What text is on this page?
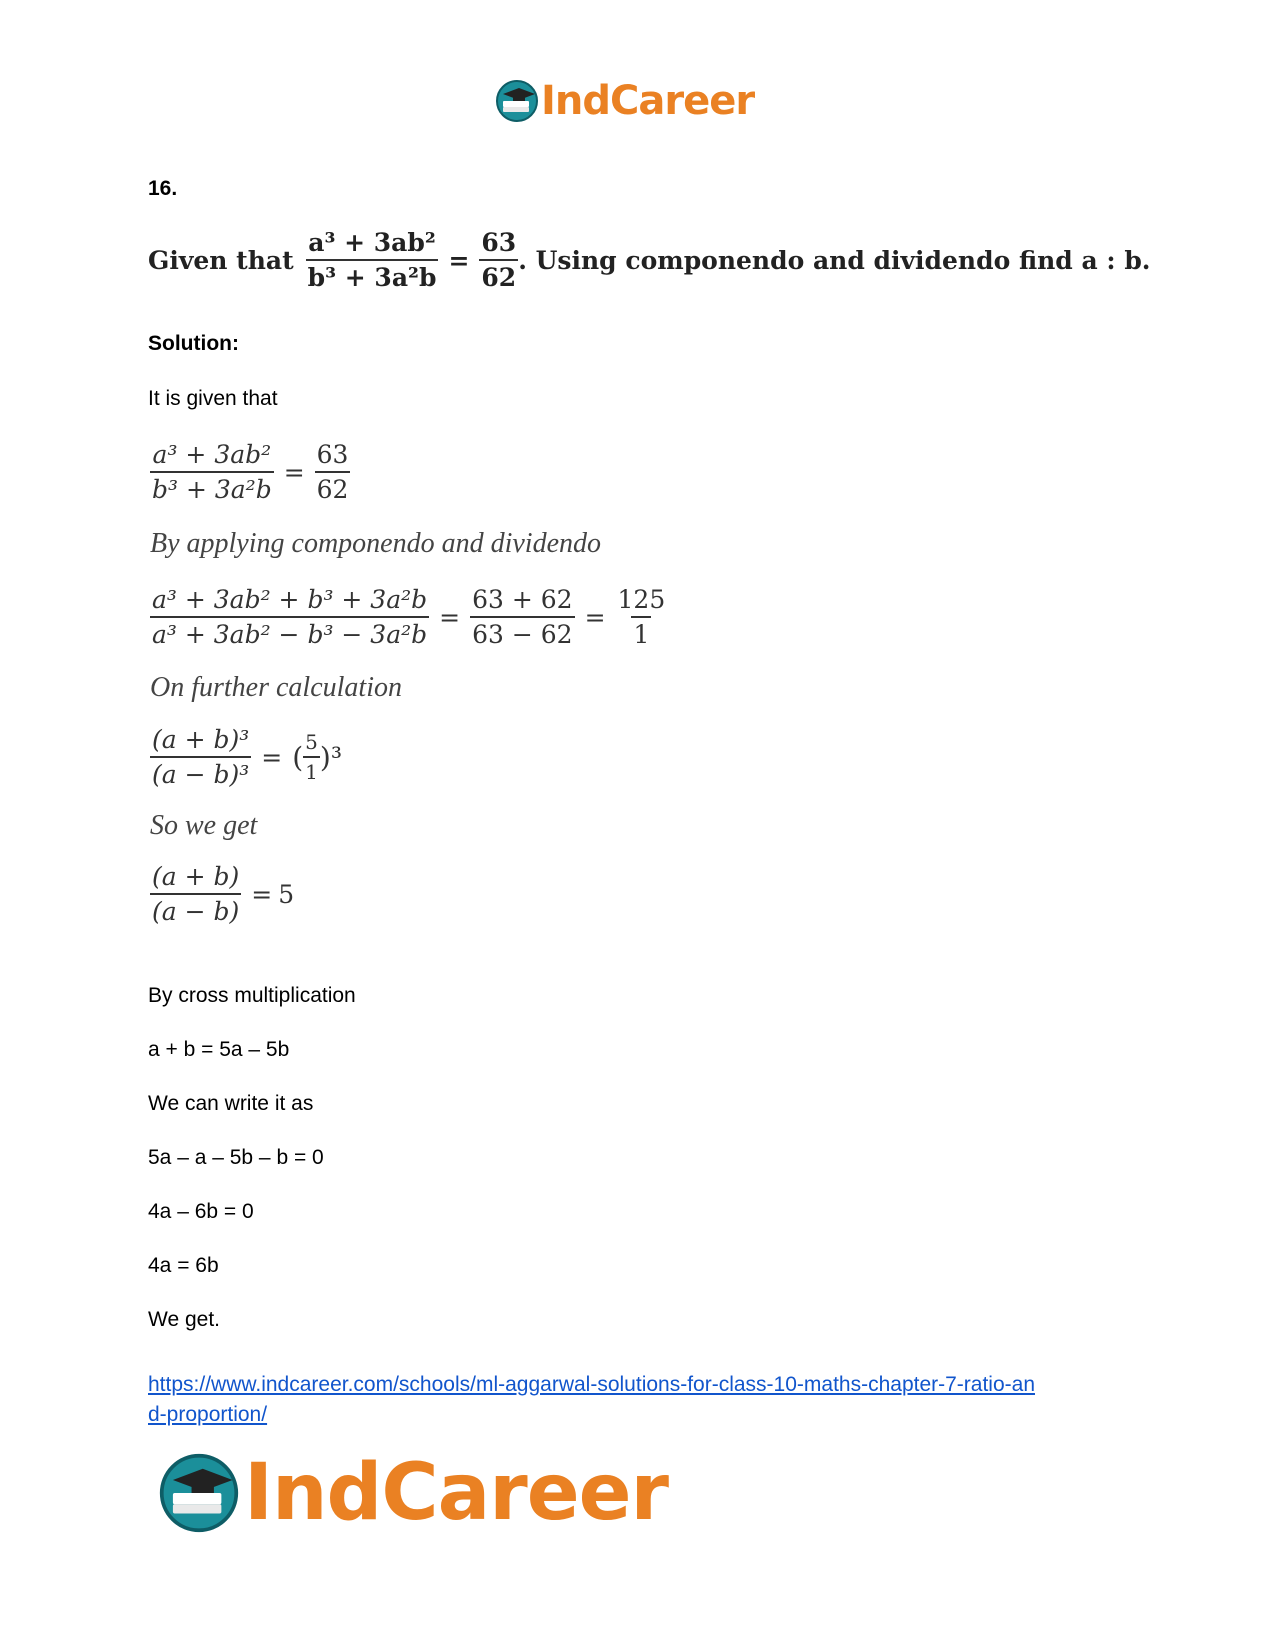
IndCareer
16.
Given that $\frac{\text{a³ + 3ab²}}{\text{b³ + 3a²b}} = \frac{63}{62}$ . Using componendo and dividendo find a : b.
Solution:
It is given that
$\frac{\text{a³ + 3ab²}}{\text{b³ + 3a²b}} = \frac{63}{62}$
By applying componendo and dividendo
$\frac{\text{a³ + 3ab² + b³ + 3a²b}}{\text{a³ + 3ab² − b³ − 3a²b}} = \frac{63 + 62}{63 - 62} = \frac{125}{1}$
On further calculation
$\frac{\text{(a + b)³}}{\text{(a − b)³}}$ = ( $\frac{5}{1} )^3$
So we get
$\frac{(a + b)}{(a - b)} = 5$
By cross multiplication
a + b = 5a – 5b
We can write it as
5a – a – 5b – b = 0
4a – 6b = 0
4a = 6b
We get.
https://www.indcareer.com/schools/ml-aggarwal-solutions-for-class-10-maths-chapter-7-ratio-an
d-proportion/
IndCareer
